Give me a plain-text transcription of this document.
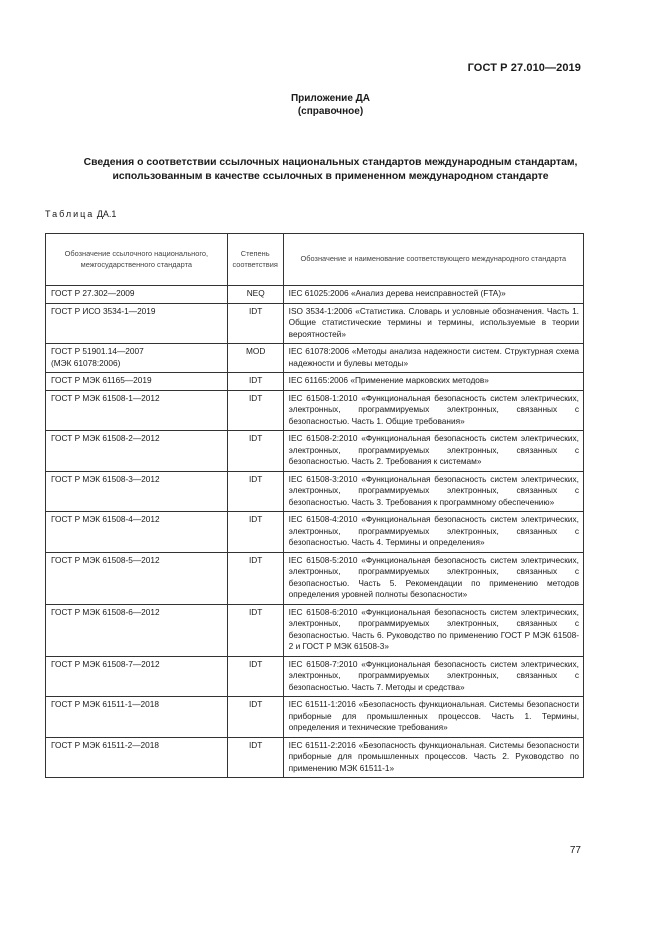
ГОСТ Р 27.010—2019
Приложение ДА
(справочное)
Сведения о соответствии ссылочных национальных стандартов международным стандартам, использованным в качестве ссылочных в примененном международном стандарте
Таблица ДА.1
Обозначение ссылочного национального, межгосударственного стандарта	Степень соответствия	Обозначение и наименование соответствующего международного стандарта
ГОСТ Р 27.302—2009	NEQ	IEC 61025:2006 «Анализ дерева неисправностей (FTA)»
ГОСТ Р ИСО 3534-1—2019	IDT	ISO 3534-1:2006 «Статистика. Словарь и условные обозначения. Часть 1. Общие статистические термины и термины, используемые в теории вероятностей»

ГОСТ Р 51901.14—2007
(МЭК 61078:2006)	MOD	IEC 61078:2006 «Методы анализа надежности систем. Структурная схема надежности и булевы методы»
ГОСТ Р МЭК 61165—2019	IDT	IEC 61165:2006 «Применение марковских методов»
ГОСТ Р МЭК 61508-1—2012	IDT	IEC 61508-1:2010 «Функциональная безопасность систем электрических, электронных, программируемых электронных, связанных с безопасностью. Часть 1. Общие требования»
ГОСТ Р МЭК 61508-2—2012	IDT	IEC 61508-2:2010 «Функциональная безопасность систем электрических, электронных, программируемых электронных, связанных с безопасностью. Часть 2. Требования к системам»
ГОСТ Р МЭК 61508-3—2012	IDT	IEC 61508-3:2010 «Функциональная безопасность систем электрических, электронных, программируемых электронных, связанных с безопасностью. Часть 3. Требования к программному обеспечению»
ГОСТ Р МЭК 61508-4—2012	IDT	IEC 61508-4:2010 «Функциональная безопасность систем электрических, электронных, программируемых электронных, связанных с безопасностью. Часть 4. Термины и определения»
ГОСТ Р МЭК 61508-5—2012	IDT	IEC 61508-5:2010 «Функциональная безопасность систем электрических, электронных, программируемых электронных, связанных с безопасностью. Часть 5. Рекомендации по применению методов определения уровней полноты безопасности»
ГОСТ Р МЭК 61508-6—2012	IDT	IEC 61508-6:2010 «Функциональная безопасность систем электрических, электронных, программируемых электронных, связанных с безопасностью. Часть 6. Руководство по применению ГОСТ Р МЭК 61508-2 и ГОСТ Р МЭК 61508-3»
ГОСТ Р МЭК 61508-7—2012	IDT	IEC 61508-7:2010 «Функциональная безопасность систем электрических, электронных, программируемых электронных, связанных с безопасностью. Часть 7. Методы и средства»
ГОСТ Р МЭК 61511-1—2018	IDT	IEC 61511-1:2016 «Безопасность функциональная. Системы безопасности приборные для промышленных процессов. Часть 1. Термины, определения и технические требования»
ГОСТ Р МЭК 61511-2—2018	IDT	IEC 61511-2:2016 «Безопасность функциональная. Системы безопасности приборные для промышленных процессов. Часть 2. Руководство по применению МЭК 61511-1»
77
